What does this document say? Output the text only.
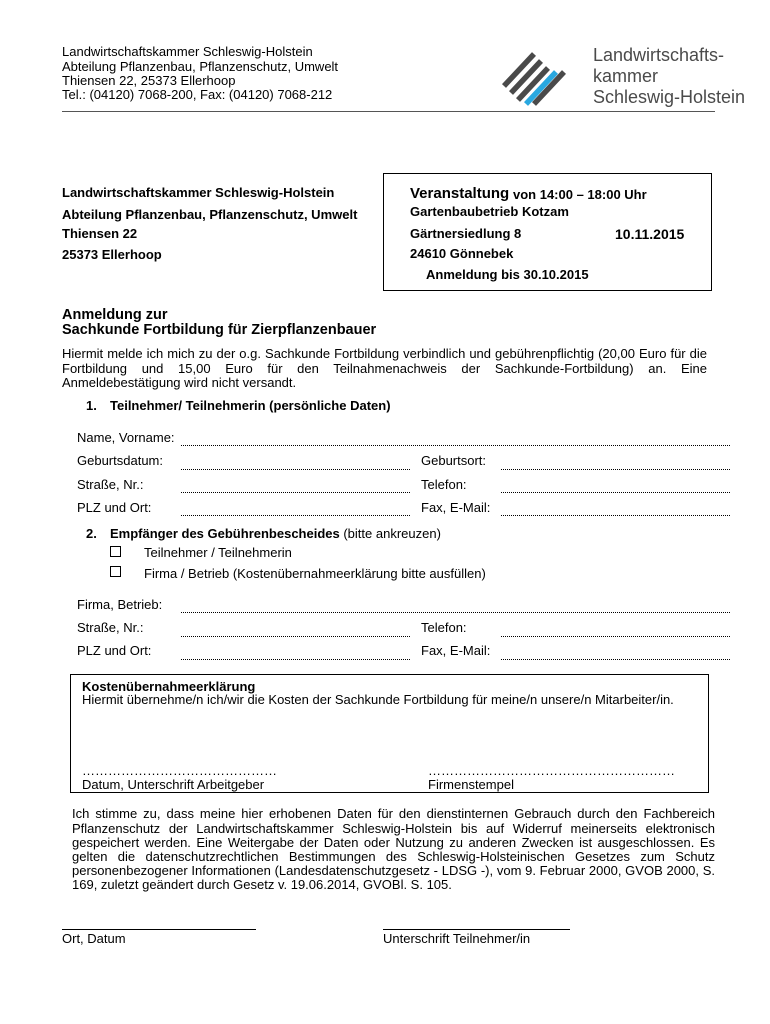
Landwirtschaftskammer Schleswig-Holstein
Abteilung Pflanzenbau, Pflanzenschutz, Umwelt
Thiensen 22, 25373 Ellerhoop
Tel.: (04120) 7068-200, Fax: (04120) 7068-212
Landwirtschafts-
kammer
Schleswig-Holstein
Landwirtschaftskammer Schleswig-Holstein
Abteilung Pflanzenbau, Pflanzenschutz, Umwelt
Thiensen 22
25373 Ellerhoop
Veranstaltung von 14:00 – 18:00 Uhr
Gartenbaubetrieb Kotzam
Gärtnersiedlung 8	10.11.2015
24610 Gönnebek
Anmeldung bis 30.10.2015
Anmeldung zur
Sachkunde Fortbildung für Zierpflanzenbauer
Hiermit melde ich mich zu der o.g. Sachkunde Fortbildung verbindlich und gebührenpflichtig (20,00 Euro für die
Fortbildung und 15,00 Euro für den Teilnahmenachweis der Sachkunde-Fortbildung) an. Eine
Anmeldebestätigung wird nicht versandt.
1. Teilnehmer/ Teilnehmerin (persönliche Daten)
Name, Vorname:
Geburtsdatum:	Geburtsort:
Straße, Nr.:	Telefon:
PLZ und Ort:	Fax, E-Mail:
2. Empfänger des Gebührenbescheides (bitte ankreuzen)
Teilnehmer / Teilnehmerin
Firma / Betrieb (Kostenübernahmeerklärung bitte ausfüllen)
Firma, Betrieb:
Straße, Nr.:	Telefon:
PLZ und Ort:	Fax, E-Mail:
Kostenübernahmeerklärung
Hiermit übernehme/n ich/wir die Kosten der Sachkunde Fortbildung für meine/n unsere/n Mitarbeiter/in.
………………………………………
Datum, Unterschrift Arbeitgeber
…………………………………………………
Firmenstempel
Ich stimme zu, dass meine hier erhobenen Daten für den dienstinternen Gebrauch durch den Fachbereich
Pflanzenschutz der Landwirtschaftskammer Schleswig-Holstein bis auf Widerruf meinerseits elektronisch
gespeichert werden. Eine Weitergabe der Daten oder Nutzung zu anderen Zwecken ist ausgeschlossen. Es
gelten die datenschutzrechtlichen Bestimmungen des Schleswig-Holsteinischen Gesetzes zum Schutz
personenbezogener Informationen (Landesdatenschutzgesetz - LDSG -), vom 9. Februar 2000, GVOB 2000, S.
169, zuletzt geändert durch Gesetz v. 19.06.2014, GVOBl. S. 105.
Ort, Datum	Unterschrift Teilnehmer/in
